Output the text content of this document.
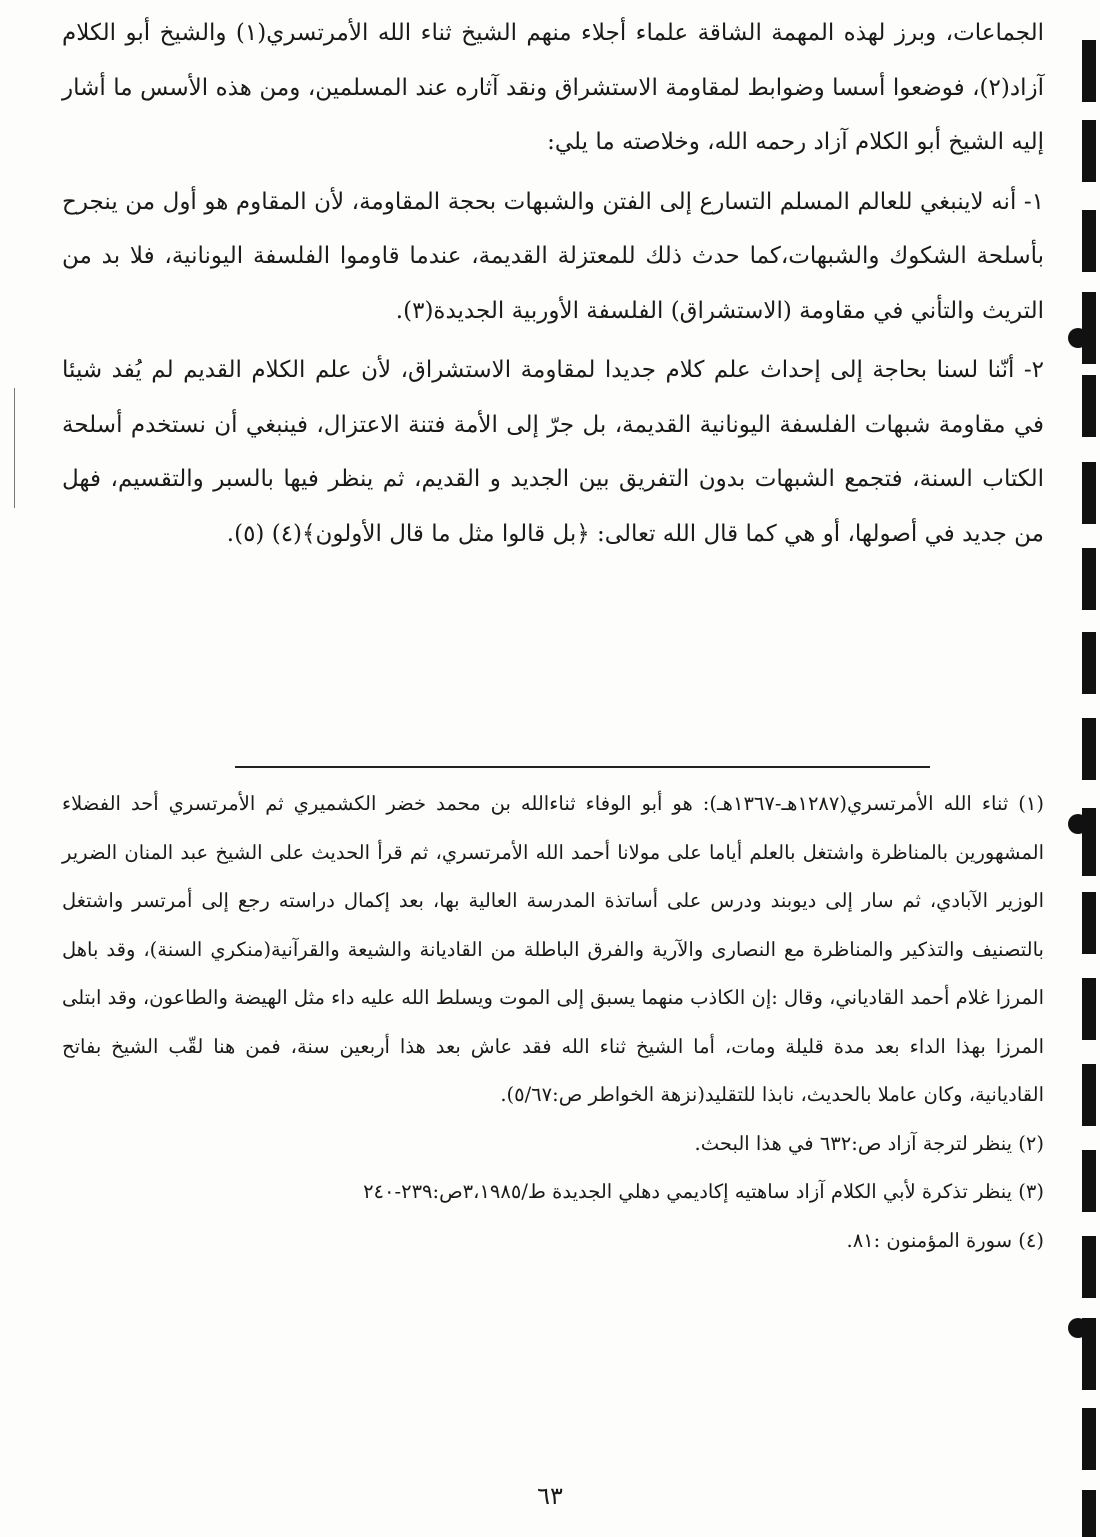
الجماعات، وبرز لهذه المهمة الشاقة علماء أجلاء منهم الشيخ ثناء الله الأمرتسري(١) والشيخ أبو الكلام آزاد(٢)، فوضعوا أسسا وضوابط لمقاومة الاستشراق ونقد آثاره عند المسلمين، ومن هذه الأسس ما أشار إليه الشيخ أبو الكلام آزاد رحمه الله، وخلاصته ما يلي:

١- أنه لاينبغي للعالم المسلم التسارع إلى الفتن والشبهات بحجة المقاومة، لأن المقاوم هو أول من ينجرح بأسلحة الشكوك والشبهات،كما حدث ذلك للمعتزلة القديمة، عندما قاوموا الفلسفة اليونانية، فلا بد من التريث والتأني في مقاومة (الاستشراق) الفلسفة الأوربية الجديدة(٣).

٢- أنّنا لسنا بحاجة إلى إحداث علم كلام جديدا لمقاومة الاستشراق، لأن علم الكلام القديم لم يُفد شيئا في مقاومة شبهات الفلسفة اليونانية القديمة، بل جرّ إلى الأمة فتنة الاعتزال، فينبغي أن نستخدم أسلحة الكتاب السنة، فتجمع الشبهات بدون التفريق بين الجديد و القديم، ثم ينظر فيها بالسبر والتقسيم، فهل من جديد في أصولها، أو هي كما قال الله تعالى: ﴿بل قالوا مثل ما قال الأولون﴾(٤) (٥).

(١) ثناء الله الأمرتسري(١٢٨٧هـ-١٣٦٧هـ): هو أبو الوفاء ثناءالله بن محمد خضر الكشميري ثم الأمرتسري أحد الفضلاء المشهورين بالمناظرة واشتغل بالعلم أياما على مولانا أحمد الله الأمرتسري، ثم قرأ الحديث على الشيخ عبد المنان الضرير الوزير الآبادي، ثم سار إلى ديوبند ودرس على أساتذة المدرسة العالية بها، بعد إكمال دراسته رجع إلى أمرتسر واشتغل بالتصنيف والتذكير والمناظرة مع النصارى والآرية والفرق الباطلة من القاديانة والشيعة والقرآنية(منكري السنة)، وقد باهل المرزا غلام أحمد القادياني، وقال :إن الكاذب منهما يسبق إلى الموت ويسلط الله عليه داء مثل الهيضة والطاعون، وقد ابتلى المرزا بهذا الداء بعد مدة قليلة ومات، أما الشيخ ثناء الله فقد عاش بعد هذا أربعين سنة، فمن هنا لقّب الشيخ بفاتح القاديانية، وكان عاملا بالحديث، نابذا للتقليد(نزهة الخواطر ص:٥/٦٧).

(٢) ينظر لترجة آزاد ص:٦٣٢ في هذا البحث.

(٣) ينظر تذكرة لأبي الكلام آزاد ساهتيه إكاديمي دهلي الجديدة ط/٣،١٩٨٥ص:٢٣٩-٢٤٠

(٤) سورة المؤمنون :٨١.

٦٣
